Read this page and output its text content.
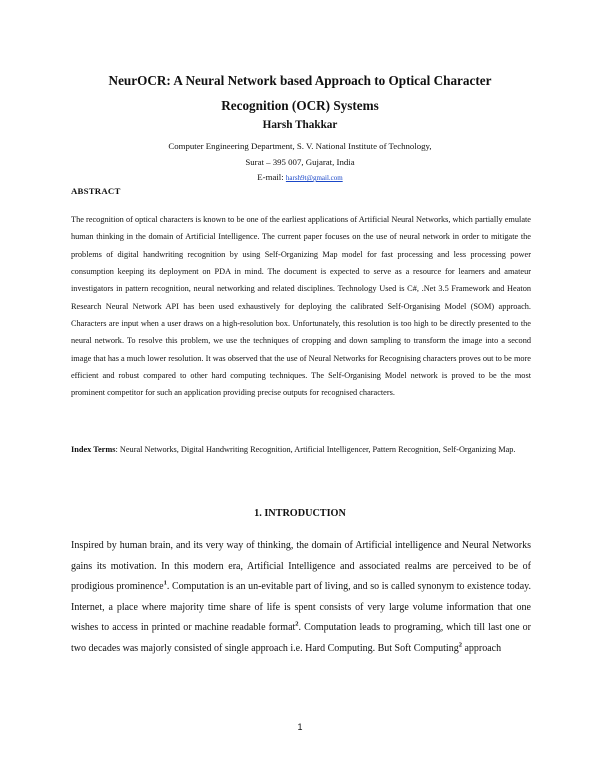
NeurOCR: A Neural Network based Approach to Optical Character
Recognition (OCR) Systems
Harsh Thakkar
Computer Engineering Department, S. V. National Institute of Technology,
Surat – 395 007, Gujarat, India
E-mail: harsh9t@gmail.com
ABSTRACT

The recognition of optical characters is known to be one of the earliest applications of Artificial Neural Networks, which partially emulate human thinking in the domain of Artificial Intelligence. The current paper focuses on the use of neural network in order to mitigate the problems of digital handwriting recognition by using Self-Organizing Map model for fast processing and less processing power consumption keeping its deployment on PDA in mind. The document is expected to serve as a resource for learners and amateur investigators in pattern recognition, neural networking and related disciplines. Technology Used is C#, .Net 3.5 Framework and Heaton Research Neural Network API has been used exhaustively for deploying the calibrated Self-Organising Model (SOM) approach. Characters are input when a user draws on a high-resolution box. Unfortunately, this resolution is too high to be directly presented to the neural network. To resolve this problem, we use the techniques of cropping and down sampling to transform the image into a second image that has a much lower resolution. It was observed that the use of Neural Networks for Recognising characters proves out to be more efficient and robust compared to other hard computing techniques. The Self-Organising Model network is proved to be the most prominent competitor for such an application providing precise outputs for recognised characters.

Index Terms: Neural Networks, Digital Handwriting Recognition, Artificial Intelligencer, Pattern Recognition, Self-Organizing Map.

1. INTRODUCTION

Inspired by human brain, and its very way of thinking, the domain of Artificial intelligence and Neural Networks gains its motivation. In this modern era, Artificial Intelligence and associated realms are perceived to be of prodigious prominence$^1$. Computation is an un-evitable part of living, and so is called synonym to existence today. Internet, a place where majority time share of life is spent consists of very large volume information that one wishes to access in printed or machine readable format$^2$. Computation leads to programing, which till last one or two decades was majorly consisted of single approach i.e. Hard Computing. But Soft Computing$^2$ approach

1
